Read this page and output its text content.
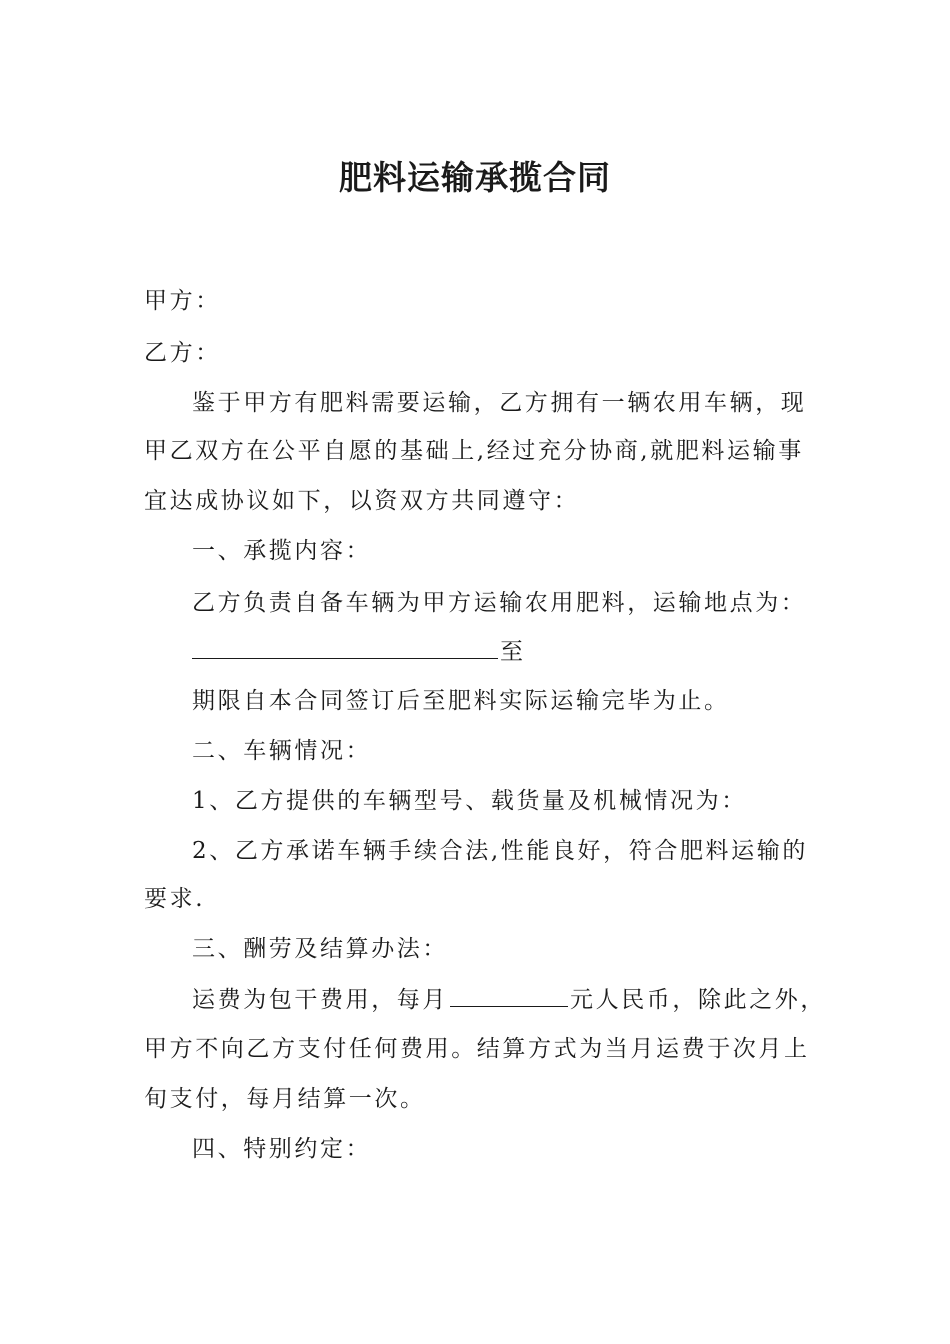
肥料运输承揽合同
甲方：
乙方：
鉴于甲方有肥料需要运输，乙方拥有一辆农用车辆，现
甲乙双方在公平自愿的基础上,经过充分协商,就肥料运输事
宜达成协议如下，以资双方共同遵守：
一、承揽内容：
乙方负责自备车辆为甲方运输农用肥料，运输地点为：
至
期限自本合同签订后至肥料实际运输完毕为止。
二、车辆情况：
1、乙方提供的车辆型号、载货量及机械情况为：
2、乙方承诺车辆手续合法,性能良好，符合肥料运输的
要求.
三、酬劳及结算办法：
运费为包干费用，每月	元人民币，除此之外，
甲方不向乙方支付任何费用。结算方式为当月运费于次月上
旬支付，每月结算一次。
四、特别约定：
